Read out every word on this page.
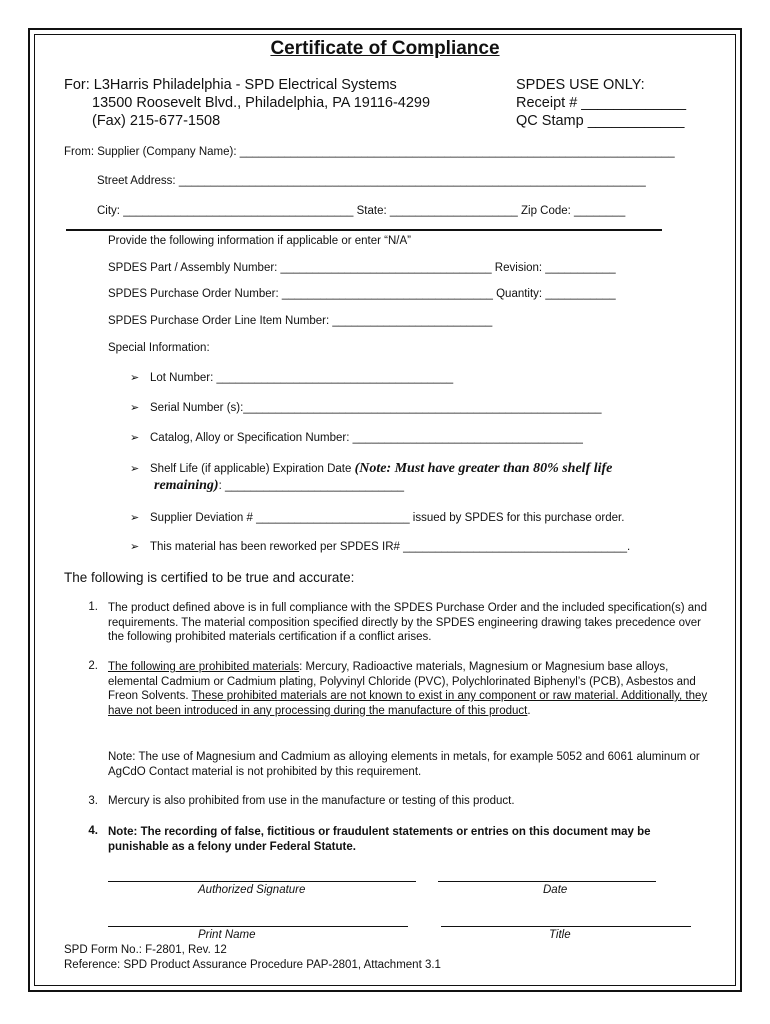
Certificate of Compliance
For: L3Harris Philadelphia - SPD Electrical Systems
13500 Roosevelt Blvd., Philadelphia, PA 19116-4299
(Fax) 215-677-1508
SPDES USE ONLY:
Receipt # _____________
QC Stamp ____________
From: Supplier (Company Name): ____________________________________________________________________
Street Address: _________________________________________________________________________
City: ____________________________________ State: ____________________ Zip Code: ________
Provide the following information if applicable or enter “N/A”
SPDES Part / Assembly Number: _________________________________ Revision: ___________
SPDES Purchase Order Number: _________________________________ Quantity: ___________
SPDES Purchase Order Line Item Number: _________________________
Special Information:
➢ Lot Number: _____________________________________
➢ Serial Number (s):________________________________________________________
➢ Catalog, Alloy or Specification Number: ____________________________________
➢ Shelf Life (if applicable) Expiration Date (Note: Must have greater than 80% shelf life
remaining): ____________________________
➢ Supplier Deviation # ________________________ issued by SPDES for this purchase order.
➢ This material has been reworked per SPDES IR# ___________________________________.
The following is certified to be true and accurate:
1. The product defined above is in full compliance with the SPDES Purchase Order and the included specification(s) and requirements. The material composition specified directly by the SPDES engineering drawing takes precedence over the following prohibited materials certification if a conflict arises.
2. The following are prohibited materials: Mercury, Radioactive materials, Magnesium or Magnesium base alloys, elemental Cadmium or Cadmium plating, Polyvinyl Chloride (PVC), Polychlorinated Biphenyl’s (PCB), Asbestos and Freon Solvents. These prohibited materials are not known to exist in any component or raw material. Additionally, they have not been introduced in any processing during the manufacture of this product.
Note: The use of Magnesium and Cadmium as alloying elements in metals, for example 5052 and 6061 aluminum or AgCdO Contact material is not prohibited by this requirement.
3. Mercury is also prohibited from use in the manufacture or testing of this product.
4. Note: The recording of false, fictitious or fraudulent statements or entries on this document may be punishable as a felony under Federal Statute.
Authorized Signature	Date
Print Name	Title
SPD Form No.: F-2801, Rev. 12
Reference: SPD Product Assurance Procedure PAP-2801, Attachment 3.1
